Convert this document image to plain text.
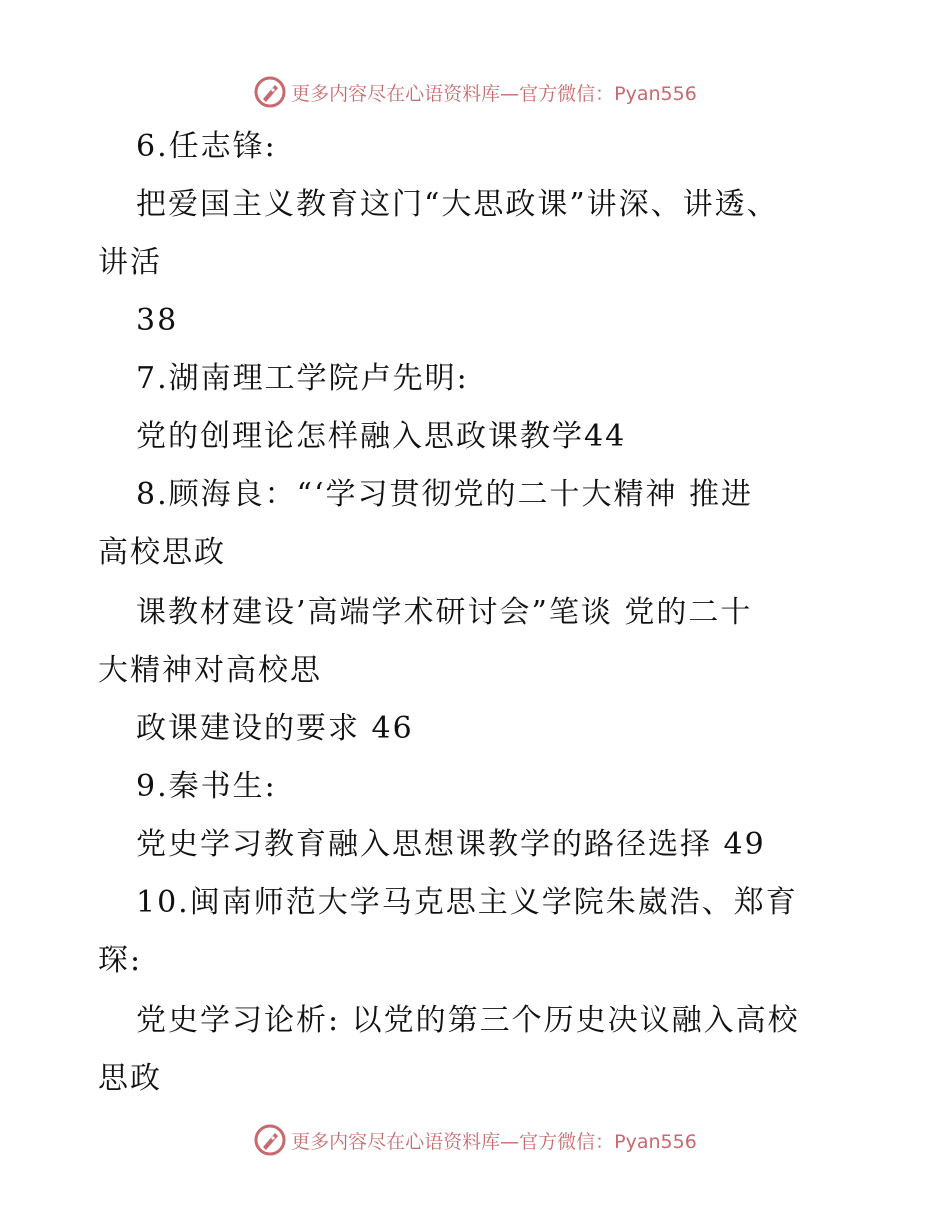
更多内容尽在心语资料库—官方微信：Pyan556
6.任志锋:
把爱国主义教育这门“大思政课”讲深、讲透、
讲活
38
7.湖南理工学院卢先明:
党的创理论怎样融入思政课教学44
8.顾海良：“‘学习贯彻党的二十大精神 推进
高校思政
课教材建设’高端学术研讨会”笔谈 党的二十
大精神对高校思
政课建设的要求 46
9.秦书生:
党史学习教育融入思想课教学的路径选择 49
10.闽南师范大学马克思主义学院朱崴浩、郑育
琛:
党史学习论析: 以党的第三个历史决议融入高校
思政
更多内容尽在心语资料库—官方微信：Pyan556
